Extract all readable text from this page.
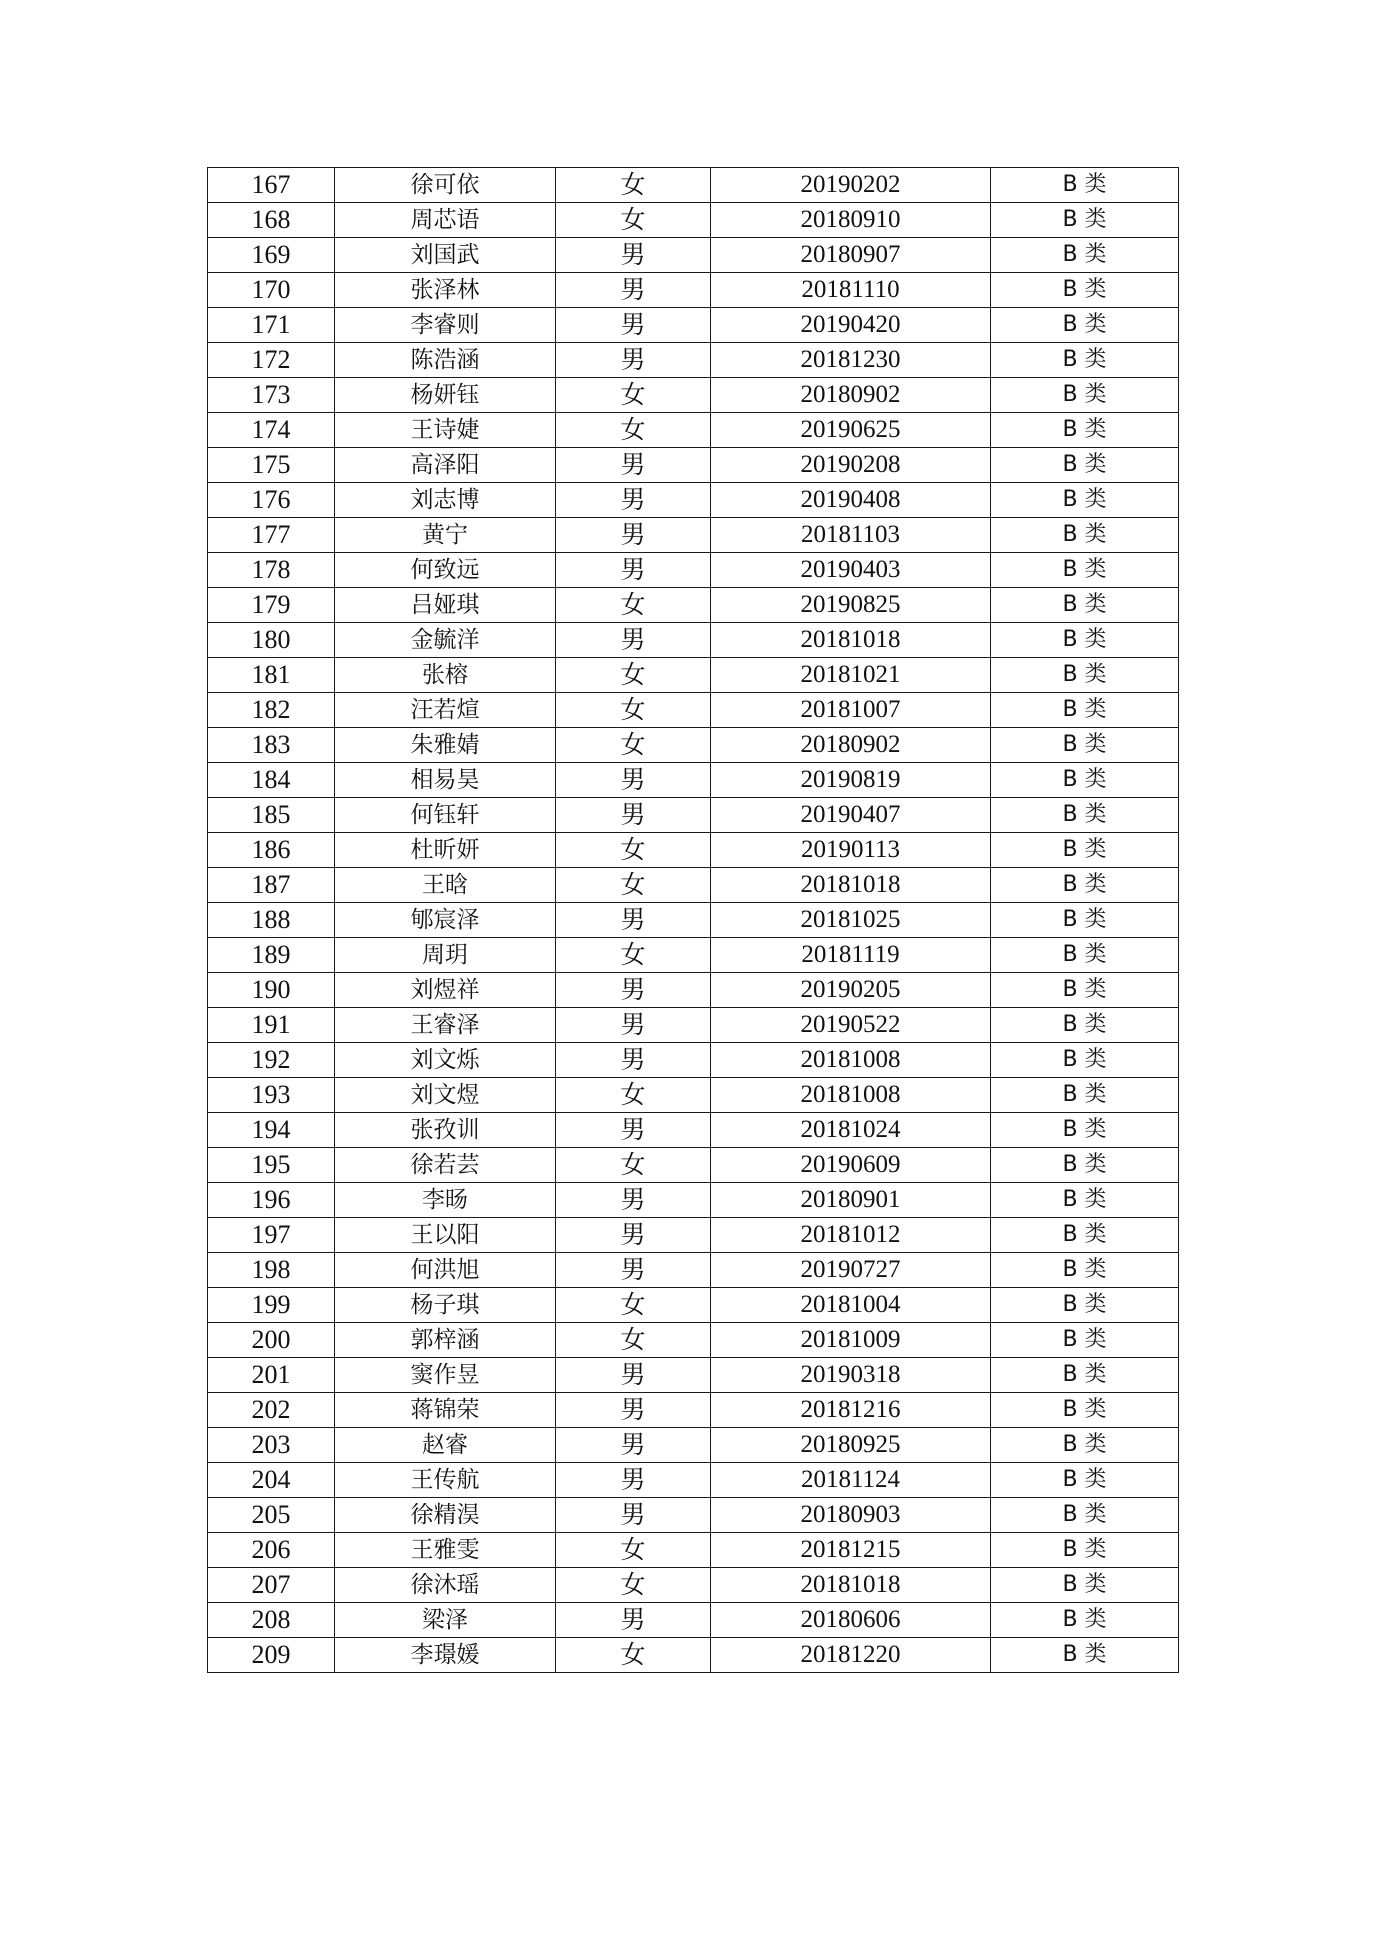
167	徐可依	女	20190202	B 类
168	周芯语	女	20180910	B 类
169	刘国武	男	20180907	B 类
170	张泽林	男	20181110	B 类
171	李睿则	男	20190420	B 类
172	陈浩涵	男	20181230	B 类
173	杨妍钰	女	20180902	B 类
174	王诗婕	女	20190625	B 类
175	高泽阳	男	20190208	B 类
176	刘志博	男	20190408	B 类
177	黄宁	男	20181103	B 类
178	何致远	男	20190403	B 类
179	吕娅琪	女	20190825	B 类
180	金毓洋	男	20181018	B 类
181	张榕	女	20181021	B 类
182	汪若煊	女	20181007	B 类
183	朱雅婧	女	20180902	B 类
184	相易昊	男	20190819	B 类
185	何钰轩	男	20190407	B 类
186	杜昕妍	女	20190113	B 类
187	王晗	女	20181018	B 类
188	郇宸泽	男	20181025	B 类
189	周玥	女	20181119	B 类
190	刘煜祥	男	20190205	B 类
191	王睿泽	男	20190522	B 类
192	刘文烁	男	20181008	B 类
193	刘文煜	女	20181008	B 类
194	张孜训	男	20181024	B 类
195	徐若芸	女	20190609	B 类
196	李旸	男	20180901	B 类
197	王以阳	男	20181012	B 类
198	何洪旭	男	20190727	B 类
199	杨子琪	女	20181004	B 类
200	郭梓涵	女	20181009	B 类
201	窦作昱	男	20190318	B 类
202	蒋锦荣	男	20181216	B 类
203	赵睿	男	20180925	B 类
204	王传航	男	20181124	B 类
205	徐精淏	男	20180903	B 类
206	王雅雯	女	20181215	B 类
207	徐沐瑶	女	20181018	B 类
208	梁泽	男	20180606	B 类
209	李璟媛	女	20181220	B 类
